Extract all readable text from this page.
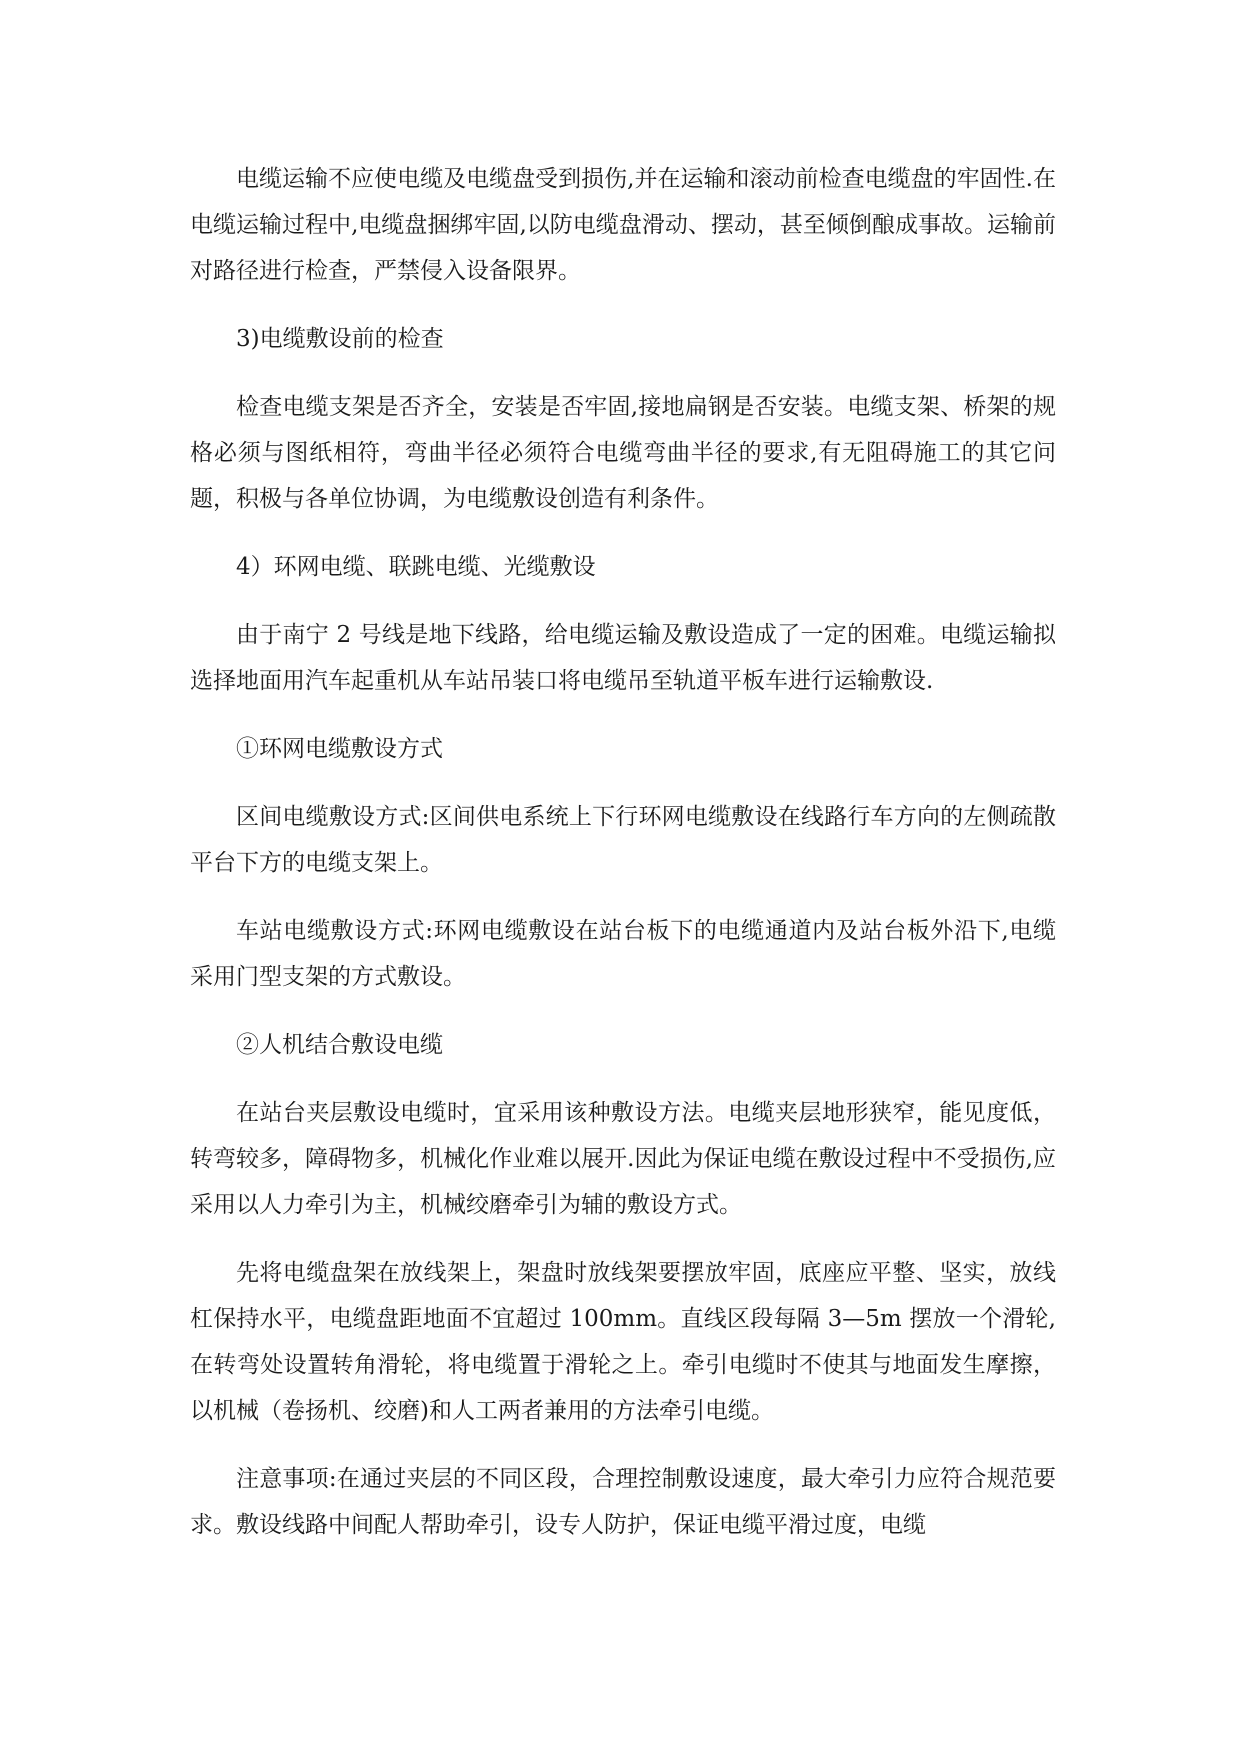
电缆运输不应使电缆及电缆盘受到损伤,并在运输和滚动前检查电缆盘的牢固性.在电缆运输过程中,电缆盘捆绑牢固,以防电缆盘滑动、摆动，甚至倾倒酿成事故。运输前对路径进行检查，严禁侵入设备限界。

3)电缆敷设前的检查

检查电缆支架是否齐全，安装是否牢固,接地扁钢是否安装。电缆支架、桥架的规格必须与图纸相符，弯曲半径必须符合电缆弯曲半径的要求,有无阻碍施工的其它问题，积极与各单位协调，为电缆敷设创造有利条件。

4）环网电缆、联跳电缆、光缆敷设

由于南宁 2 号线是地下线路，给电缆运输及敷设造成了一定的困难。电缆运输拟选择地面用汽车起重机从车站吊装口将电缆吊至轨道平板车进行运输敷设.

①环网电缆敷设方式

区间电缆敷设方式:区间供电系统上下行环网电缆敷设在线路行车方向的左侧疏散平台下方的电缆支架上。

车站电缆敷设方式:环网电缆敷设在站台板下的电缆通道内及站台板外沿下,电缆采用门型支架的方式敷设。

②人机结合敷设电缆

在站台夹层敷设电缆时，宜采用该种敷设方法。电缆夹层地形狭窄，能见度低，转弯较多，障碍物多，机械化作业难以展开.因此为保证电缆在敷设过程中不受损伤,应采用以人力牵引为主，机械绞磨牵引为辅的敷设方式。

先将电缆盘架在放线架上，架盘时放线架要摆放牢固，底座应平整、坚实，放线杠保持水平，电缆盘距地面不宜超过 100mm。直线区段每隔 3—5m 摆放一个滑轮,在转弯处设置转角滑轮，将电缆置于滑轮之上。牵引电缆时不使其与地面发生摩擦，以机械（卷扬机、绞磨)和人工两者兼用的方法牵引电缆。

注意事项:在通过夹层的不同区段，合理控制敷设速度，最大牵引力应符合规范要求。敷设线路中间配人帮助牵引，设专人防护，保证电缆平滑过度，电缆
